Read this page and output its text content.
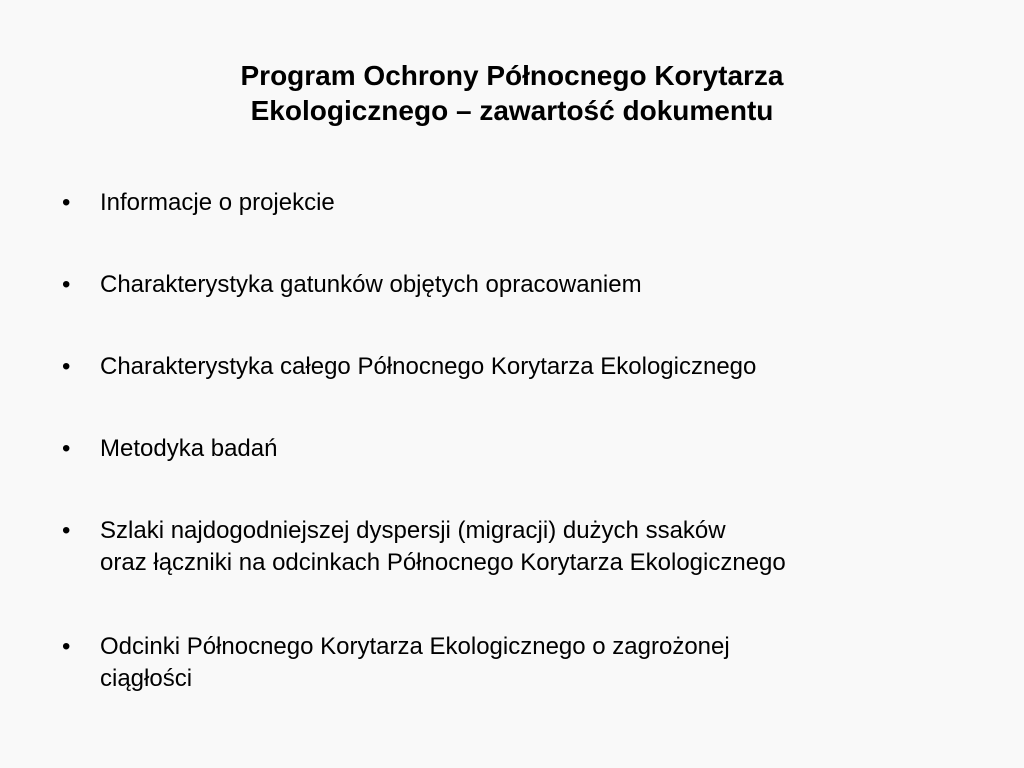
Program Ochrony Północnego Korytarza
Ekologicznego – zawartość dokumentu
•	Informacje o projekcie
•	Charakterystyka gatunków objętych opracowaniem
•	Charakterystyka całego Północnego Korytarza Ekologicznego
•	Metodyka badań
•	Szlaki najdogodniejszej dyspersji (migracji) dużych ssaków
oraz łączniki na odcinkach Północnego Korytarza Ekologicznego
•	Odcinki Północnego Korytarza Ekologicznego o zagrożonej
ciągłości
